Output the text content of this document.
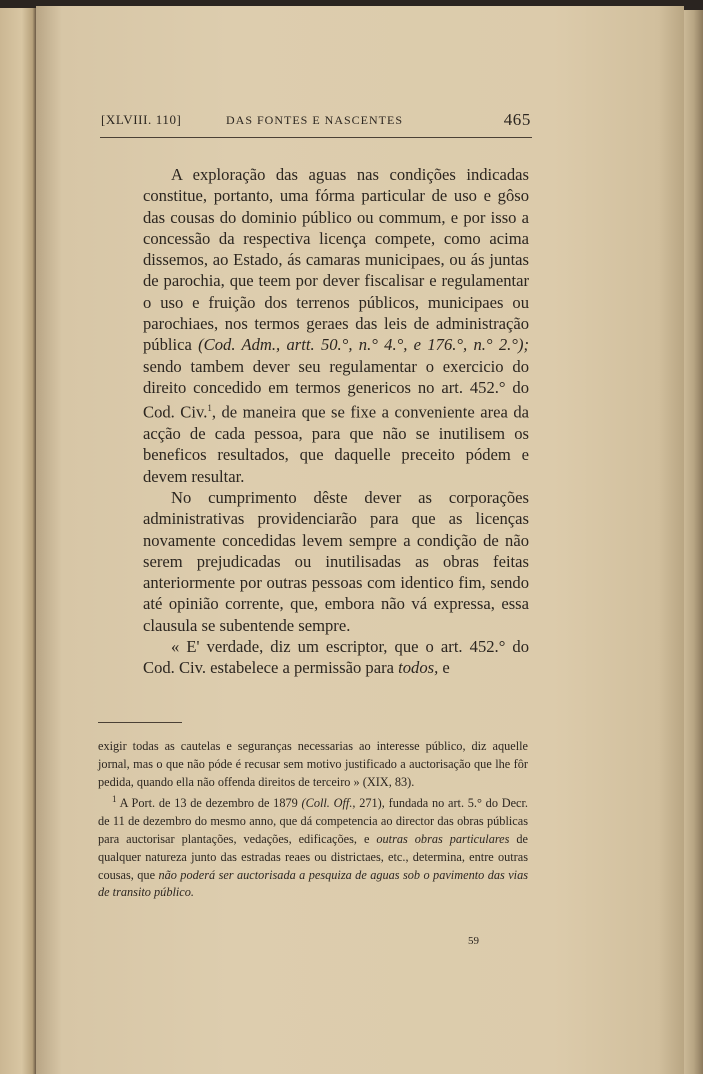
[XLVIII. 110]	DAS FONTES E NASCENTES	465

A exploração das aguas nas condições indicadas constitue, portanto, uma fórma particular de uso e gôso das cousas do dominio público ou commum, e por isso a concessão da respectiva licença compete, como acima dissemos, ao Estado, ás camaras municipaes, ou ás juntas de parochia, que teem por dever fiscalisar e regulamentar o uso e fruição dos terrenos públicos, municipaes ou parochiaes, nos termos geraes das leis de administração pública (Cod. Adm., artt. 50.°, n.° 4.°, e 176.°, n.° 2.°); sendo tambem dever seu regulamentar o exercicio do direito concedido em termos genericos no art. 452.° do Cod. Civ.$^1$, de maneira que se fixe a conveniente area da acção de cada pessoa, para que não se inutilisem os beneficos resultados, que daquelle preceito pódem e devem resultar.

No cumprimento dêste dever as corporações administrativas providenciarão para que as licenças novamente concedidas levem sempre a condição de não serem prejudicadas ou inutilisadas as obras feitas anteriormente por outras pessoas com identico fim, sendo até opinião corrente, que, embora não vá expressa, essa clausula se subentende sempre.

« E' verdade, diz um escriptor, que o art. 452.° do Cod. Civ. estabelece a permissão para todos, e

exigir todas as cautelas e seguranças necessarias ao interesse público, diz aquelle jornal, mas o que não póde é recusar sem motivo justificado a auctorisação que lhe fôr pedida, quando ella não offenda direitos de terceiro » (XIX, 83).

$^1$ A Port. de 13 de dezembro de 1879 (Coll. Off., 271), fundada no art. 5.° do Decr. de 11 de dezembro do mesmo anno, que dá competencia ao director das obras públicas para auctorisar plantações, vedações, edificações, e outras obras particulares de qualquer natureza junto das estradas reaes ou districtaes, etc., determina, entre outras cousas, que não poderá ser auctorisada a pesquiza de aguas sob o pavimento das vias de transito público.

59
